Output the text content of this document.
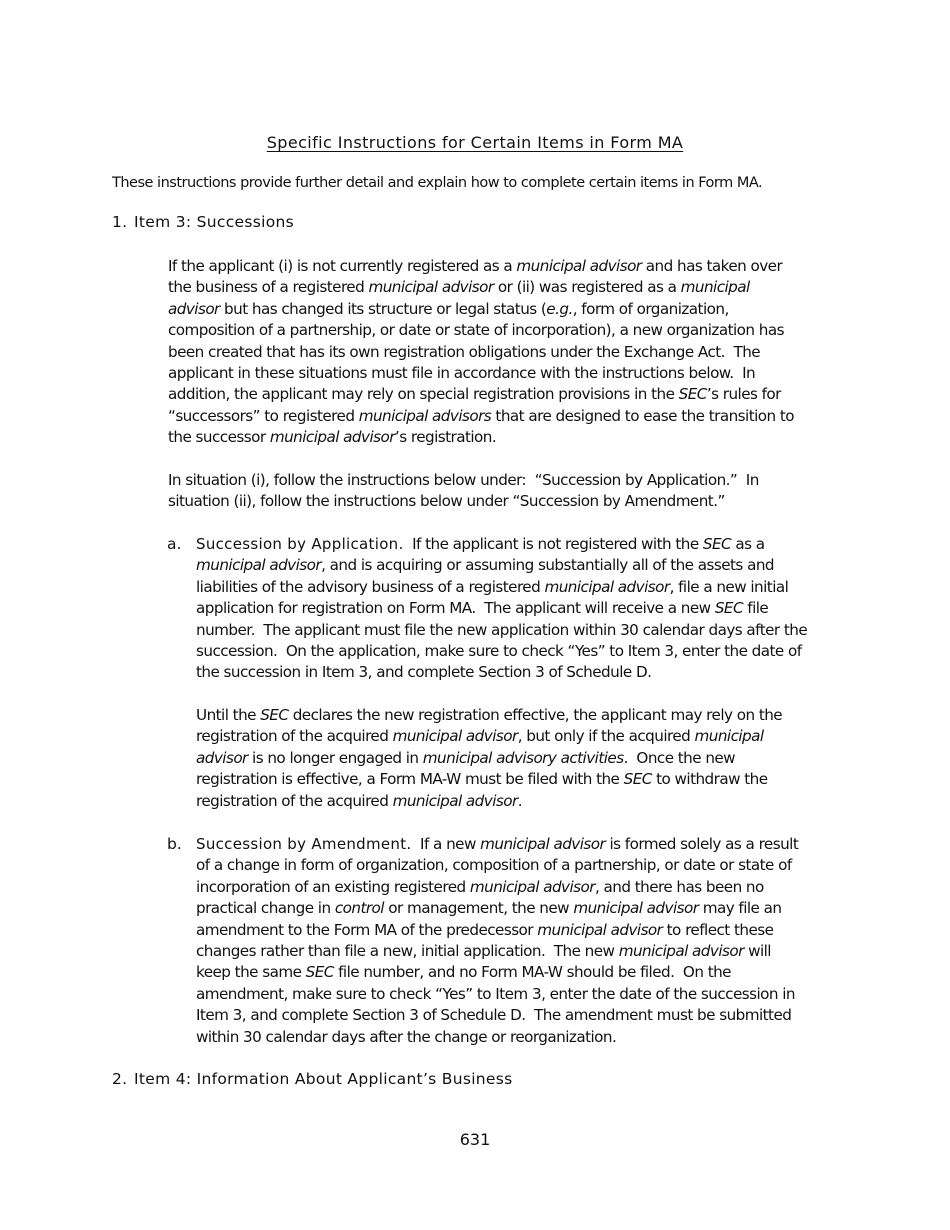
Specific Instructions for Certain Items in Form MA
These instructions provide further detail and explain how to complete certain items in Form MA.
1. Item 3: Successions
If the applicant (i) is not currently registered as a municipal advisor and has taken over
the business of a registered municipal advisor or (ii) was registered as a municipal
advisor but has changed its structure or legal status (e.g., form of organization,
composition of a partnership, or date or state of incorporation), a new organization has
been created that has its own registration obligations under the Exchange Act.  The
applicant in these situations must file in accordance with the instructions below.  In
addition, the applicant may rely on special registration provisions in the SEC’s rules for
“successors” to registered municipal advisors that are designed to ease the transition to
the successor municipal advisor’s registration.
In situation (i), follow the instructions below under:  “Succession by Application.”  In
situation (ii), follow the instructions below under “Succession by Amendment.”
a. Succession by Application.  If the applicant is not registered with the SEC as a
municipal advisor, and is acquiring or assuming substantially all of the assets and
liabilities of the advisory business of a registered municipal advisor, file a new initial
application for registration on Form MA.  The applicant will receive a new SEC file
number.  The applicant must file the new application within 30 calendar days after the
succession.  On the application, make sure to check “Yes” to Item 3, enter the date of
the succession in Item 3, and complete Section 3 of Schedule D.
Until the SEC declares the new registration effective, the applicant may rely on the
registration of the acquired municipal advisor, but only if the acquired municipal
advisor is no longer engaged in municipal advisory activities.  Once the new
registration is effective, a Form MA-W must be filed with the SEC to withdraw the
registration of the acquired municipal advisor.
b. Succession by Amendment.  If a new municipal advisor is formed solely as a result
of a change in form of organization, composition of a partnership, or date or state of
incorporation of an existing registered municipal advisor, and there has been no
practical change in control or management, the new municipal advisor may file an
amendment to the Form MA of the predecessor municipal advisor to reflect these
changes rather than file a new, initial application.  The new municipal advisor will
keep the same SEC file number, and no Form MA-W should be filed.  On the
amendment, make sure to check “Yes” to Item 3, enter the date of the succession in
Item 3, and complete Section 3 of Schedule D.  The amendment must be submitted
within 30 calendar days after the change or reorganization.
2. Item 4: Information About Applicant’s Business
631
